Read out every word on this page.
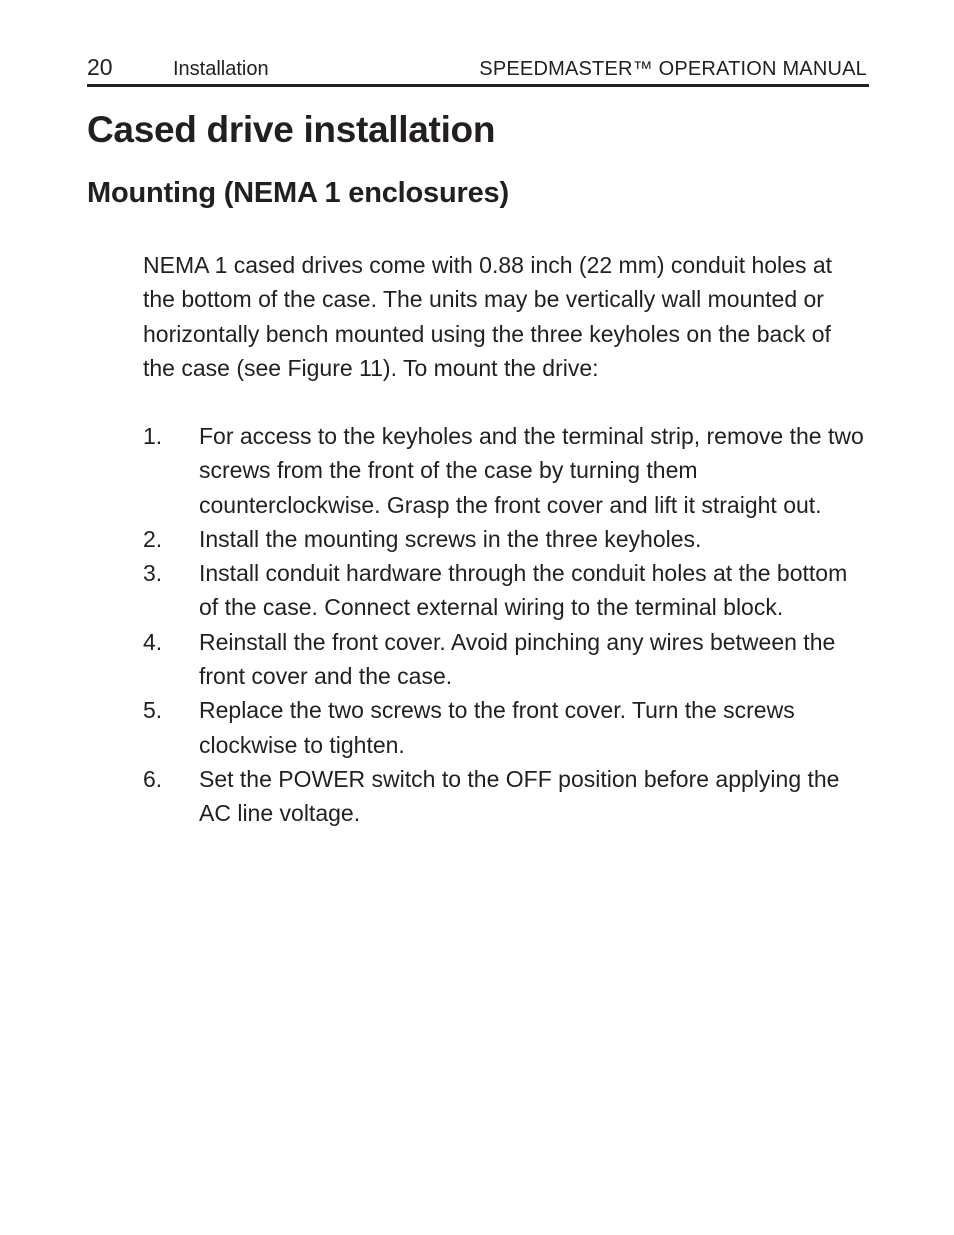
20	Installation	SPEEDMASTER™ OPERATION MANUAL
Cased drive installation
Mounting (NEMA 1 enclosures)

NEMA 1 cased drives come with 0.88 inch (22 mm) conduit holes at the bottom of the case. The units may be vertically wall mounted or horizontally bench mounted using the three keyholes on the back of the case (see Figure 11). To mount the drive:

1. For access to the keyholes and the terminal strip, remove the two screws from the front of the case by turning them counterclockwise. Grasp the front cover and lift it straight out.
2. Install the mounting screws in the three keyholes.
3. Install conduit hardware through the conduit holes at the bottom of the case. Connect external wiring to the terminal block.
4. Reinstall the front cover. Avoid pinching any wires between the front cover and the case.
5. Replace the two screws to the front cover. Turn the screws clockwise to tighten.
6. Set the POWER switch to the OFF position before applying the AC line voltage.
